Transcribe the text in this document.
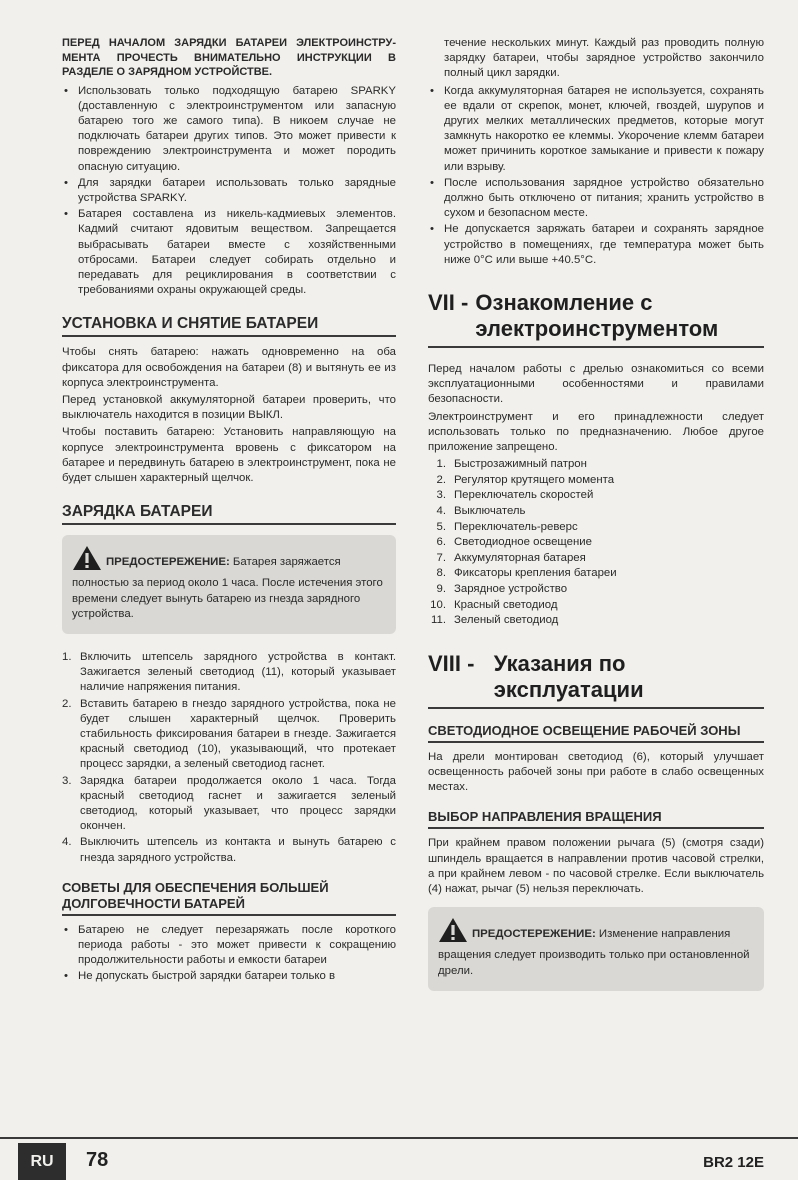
ПЕРЕД НАЧАЛОМ ЗАРЯДКИ БАТАРЕИ ЭЛЕКТРОИНСТРУ-МЕНТА ПРОЧЕСТЬ ВНИМАТЕЛЬНО ИНСТРУКЦИИ В РАЗДЕЛЕ О ЗАРЯДНОМ УСТРОЙСТВЕ.

• Использовать только подходящую батарею SPARKY (доставленную с электроинструментом или запасную батарею того же самого типа). В никоем случае не подключать батареи других типов. Это может привести к повреждению электроинструмента и может породить опасную ситуацию.
• Для зарядки батареи использовать только зарядные устройства SPARKY.
• Батарея составлена из никель-кадмиевых элементов. Кадмий считают ядовитым веществом. Запрещается выбрасывать батареи вместе с хозяйственными отбросами. Батареи следует собирать отдельно и передавать для рециклирования в соответствии с требованиями охраны окружающей среды.
УСТАНОВКА И СНЯТИЕ БАТАРЕИ

Чтобы снять батарею: нажать одновременно на оба фиксатора для освобождения на батареи (8) и вытянуть ее из корпуса электроинструмента.

Перед установкой аккумуляторной батареи проверить, что выключатель находится в позиции ВЫКЛ.

Чтобы поставить батарею: Установить направляющую на корпусе электроинструмента вровень с фиксатором на батарее и передвинуть батарею в электроинструмент, пока не будет слышен характерный щелчок.

ЗАРЯДКА БАТАРЕИ
ПРЕДОСТЕРЕЖЕНИЕ: Батарея заряжается полностью за период около 1 часа. После истечения этого времени следует вынуть батарею из гнезда зарядного устройства.
1. Включить штепсель зарядного устройства в контакт. Зажигается зеленый светодиод (11), который указывает наличие напряжения питания.
2. Вставить батарею в гнездо зарядного устройства, пока не будет слышен характерный щелчок. Проверить стабильность фиксирования батареи в гнезде. Зажигается красный светодиод (10), указывающий, что протекает процесс зарядки, а зеленый светодиод гаснет.
3. Зарядка батареи продолжается около 1 часа. Тогда красный светодиод гаснет и зажигается зеленый светодиод, который указывает, что процесс зарядки окончен.
4. Выключить штепсель из контакта и вынуть батарею с гнезда зарядного устройства.
СОВЕТЫ ДЛЯ ОБЕСПЕЧЕНИЯ БОЛЬШЕЙ ДОЛГОВЕЧНОСТИ БАТАРЕЙ
• Батарею не следует перезаряжать после короткого периода работы - это может привести к сокращению продолжительности работы и емкости батареи
• Не допускать быстрой зарядки батареи только в

течение нескольких минут. Каждый раз проводить полную зарядку батареи, чтобы зарядное устройство закончило полный цикл зарядки.

• Когда аккумуляторная батарея не используется, сохранять ее вдали от скрепок, монет, ключей, гвоздей, шурупов и других мелких металлических предметов, которые могут замкнуть накоротко ее клеммы. Укорочение клемм батареи может причинить короткое замыкание и привести к пожару или взрыву.
• После использования зарядное устройство обязательно должно быть отключено от питания; хранить устройство в сухом и безопасном месте.
• Не допускается заряжать батареи и сохранять зарядное устройство в помещениях, где температура может быть ниже 0°С или выше +40.5°С.
VII - Ознакомление с электроинструментом

Перед началом работы с дрелью ознакомиться со всеми эксплуатационными особенностями и правилами безопасности.

Электроинструмент и его принадлежности следует использовать только по предназначению. Любое другое приложение запрещено.

1. Быстрозажимный патрон
2. Регулятор крутящего момента
3. Переключатель скоростей
4. Выключатель
5. Переключатель-реверс
6. Светодиодное освещение
7. Аккумуляторная батарея
8. Фиксаторы крепления батареи
9. Зарядное устройство
10. Красный светодиод
11. Зеленый светодиод
VIII - Указания по эксплуатации
СВЕТОДИОДНОЕ ОСВЕЩЕНИЕ РАБОЧЕЙ ЗОНЫ

На дрели монтирован светодиод (6), который улучшает освещенность рабочей зоны при работе в слабо освещенных местах.

ВЫБОР НАПРАВЛЕНИЯ ВРАЩЕНИЯ

При крайнем правом положении рычага (5) (смотря сзади) шпиндель вращается в направлении против часовой стрелки, а при крайнем левом - по часовой стрелке. Если выключатель (4) нажат, рычаг (5) нельзя переключать.

ПРЕДОСТЕРЕЖЕНИЕ: Изменение направления вращения следует производить только при остановленной дрели.
RU	78	BR2 12E
